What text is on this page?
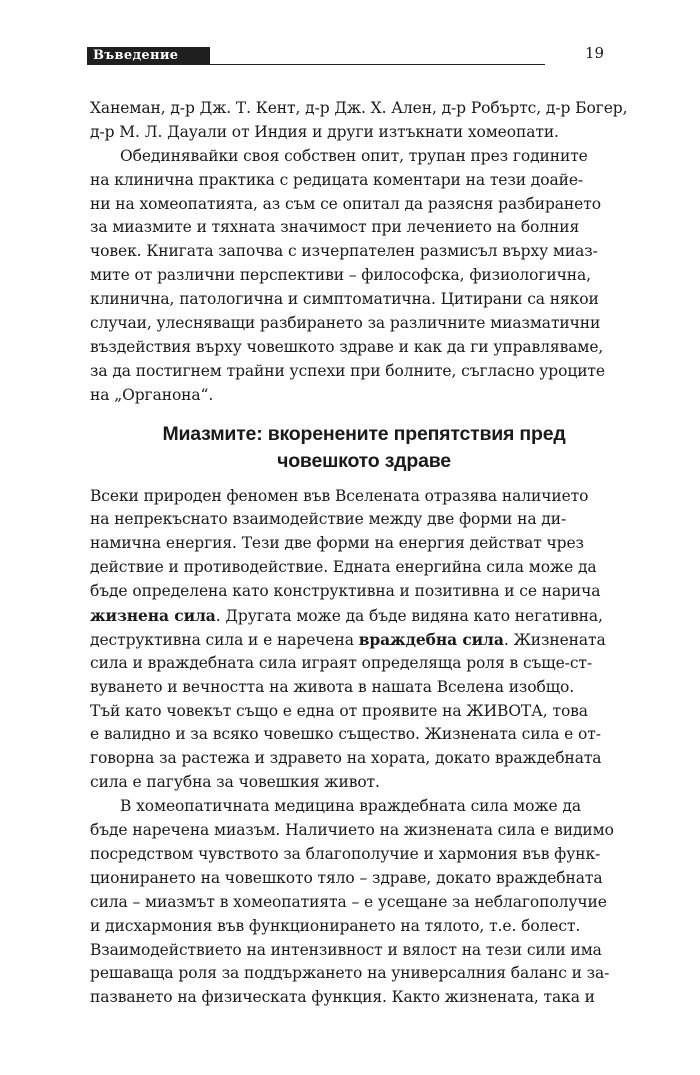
Въведение	19
Ханеман, д-р Дж. Т. Кент, д-р Дж. Х. Ален, д-р Робъртс, д-р Богер,
д-р М. Л. Дауали от Индия и други изтъкнати хомеопати.
Обединявайки своя собствен опит, трупан през годините
на клинична практика с редицата коментари на тези доайе-
ни на хомеопатията, аз съм се опитал да разясня разбирането
за миазмите и тяхната значимост при лечението на болния
човек. Книгата започва с изчерпателен размисъл върху миаз-
мите от различни перспективи – философска, физиологична,
клинична, патологична и симптоматична. Цитирани са някои
случаи, улесняващи разбирането за различните миазматични
въздействия върху човешкото здраве и как да ги управляваме,
за да постигнем трайни успехи при болните, съгласно уроците
на „Органона“.
Миазмите: вкоренените препятствия пред
човешкото здраве
Всеки природен феномен във Вселената отразява наличието
на непрекъснато взаимодействие между две форми на ди-
намична енергия. Тези две форми на енергия действат чрез
действие и противодействие. Едната енергийна сила може да
бъде определена като конструктивна и позитивна и се нарича
жизнена сила. Другата може да бъде видяна като негативна,
деструктивна сила и е наречена враждебна сила. Жизнената
сила и враждебната сила играят определяща роля в съще-ст-
вуването и вечността на живота в нашата Вселена изобщо.
Тъй като човекът също е една от проявите на ЖИВОТА, това
е валидно и за всяко човешко същество. Жизнената сила е от-
говорна за растежа и здравето на хората, докато враждебната
сила е пагубна за човешкия живот.
В хомеопатичната медицина враждебната сила може да
бъде наречена миазъм. Наличието на жизнената сила е видимо
посредством чувството за благополучие и хармония във функ-
ционирането на човешкото тяло – здраве, докато враждебната
сила – миазмът в хомеопатията – е усещане за неблагополучие
и дисхармония във функционирането на тялото, т.е. болест.
Взаимодействието на интензивност и вялост на тези сили има
решаваща роля за поддържането на универсалния баланс и за-
пазването на физическата функция. Както жизнената, така и
